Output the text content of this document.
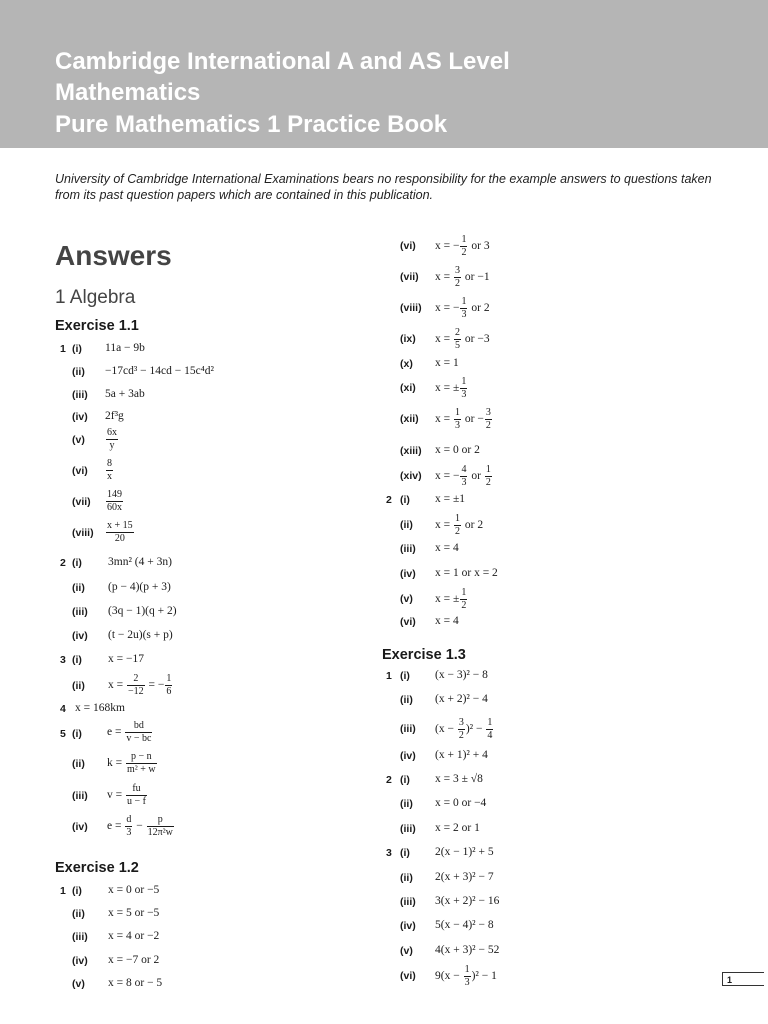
Cambridge International A and AS Level
Mathematics
Pure Mathematics 1 Practice Book
University of Cambridge International Examinations bears no responsibility for the example answers to questions taken from its past question papers which are contained in this publication.
Answers
1 Algebra
Exercise 1.1
1 (i) 11a − 9b
(ii) −17cd³ − 14cd − 15c⁴d²
(iii) 5a + 3ab
(iv) 2f³g
$(v) \frac{6x}{y}$
$(vi) \frac{8}{x}$
$(vii) \frac{149}{60x}$
(viii) $\frac{x + 15}{20}$
2 (i) 3mn² (4 + 3n)
(ii) (p − 4)(p + 3)
(iii) (3q − 1)(q + 2)
(iv) (t − 2u)(s + p)
3 (i) x = −17
(ii) $x = \frac{2}{-12}$ = − $\frac{1}{6}$
4 x = 168km
5 (i) $e = \frac{bd}{v - bc}$
(ii) $k = \frac{p - n}{\text{m² + w}}$
(iii) $v = \frac{fu}{u - f}$
(iv) $e = \frac{d}{3} - \frac{p}{\text{12π²w}}$
Exercise 1.2
1 (i) x = 0 or −5
(ii) x = 5 or −5
(iii) x = 4 or −2
(iv) x = −7 or 2
(v) x = 8 or − 5
(vi) x = − $\frac{1}{2}$ or 3
(vii) $x = \frac{3}{2}$ or −1
(viii) x = − $\frac{1}{3}$ or 2
(ix) $x = \frac{2}{5}$ or −3
(x) x = 1
(xi) x = ± $\frac{1}{3}$
(xii) $x = \frac{1}{3}$ or − $\frac{3}{2}$
(xiii) x = 0 or 2
(xiv) x = − $\frac{4}{3}$ or $\frac{1}{2}$
2 (i) x = ±1
(ii) $x = \frac{1}{2}$ or 2
(iii) x = 4
(iv) x = 1 or x = 2
(v) x = ± $\frac{1}{2}$
(vi) x = 4
Exercise 1.3
1 (i) (x − 3)² − 8
(ii) (x + 2)² − 4
(iii) $(x - \frac{3}{2} )^2 - \frac{1}{4}$
(iv) (x + 1)² + 4
2 (i) x = 3 ± √8
(ii) x = 0 or −4
(iii) x = 2 or 1
3 (i) 2(x − 1)² + 5
(ii) 2(x + 3)² − 7
(iii) 3(x + 2)² − 16
(iv) 5(x − 4)² − 8
(v) 4(x + 3)² − 52
(vi) $9(x - \frac{1}{3} )^2 - 1$	1
